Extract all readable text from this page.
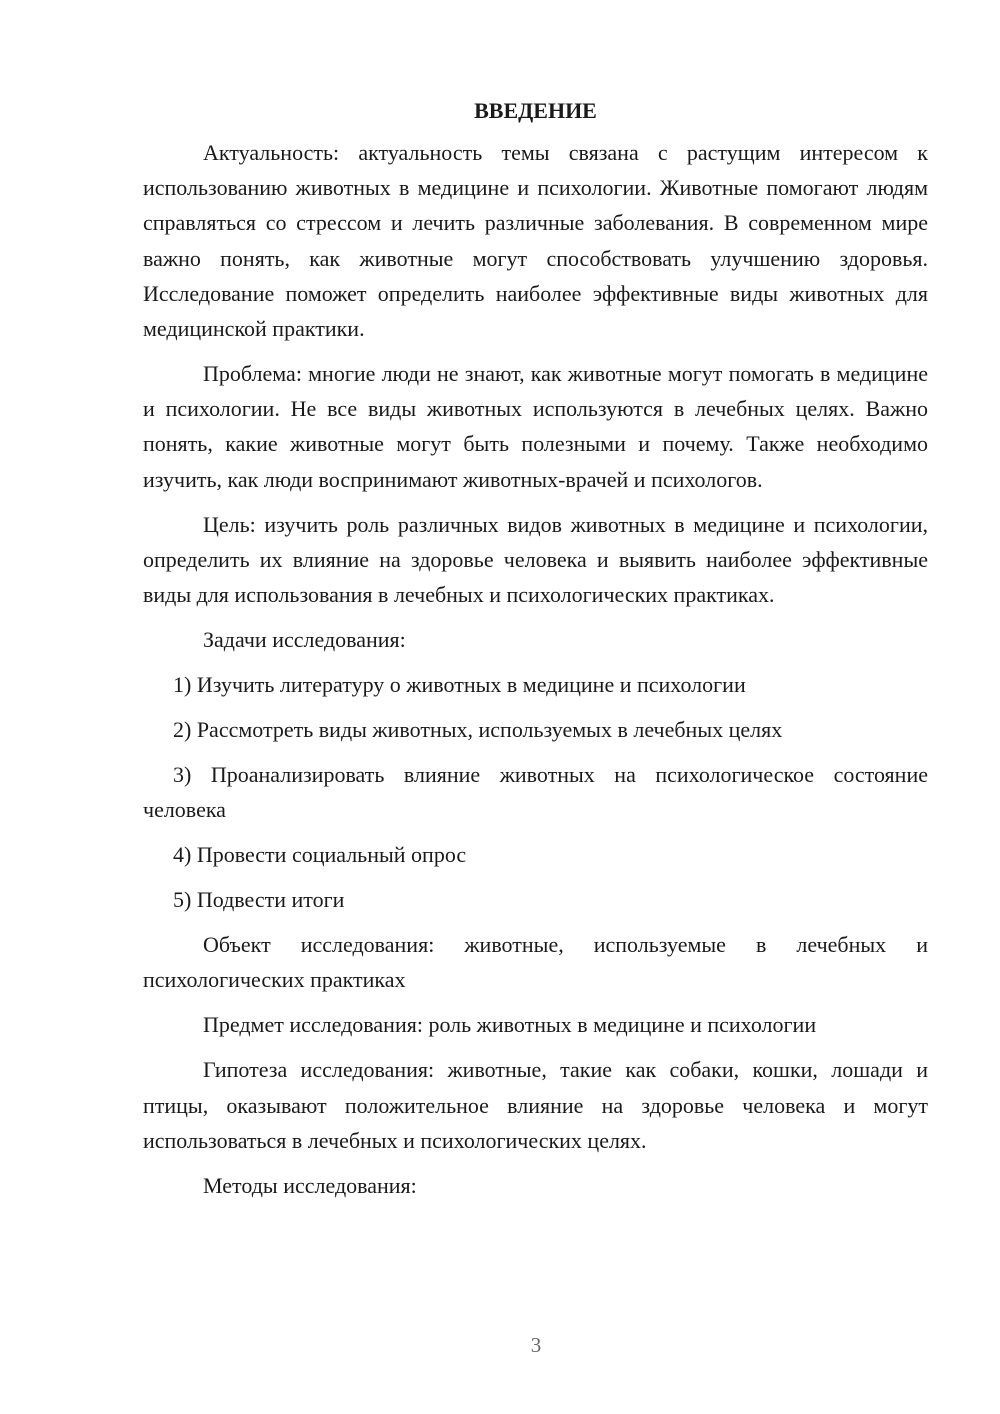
ВВЕДЕНИЕ

Актуальность: актуальность темы связана с растущим интересом к использованию животных в медицине и психологии. Животные помогают людям справляться со стрессом и лечить различные заболевания. В современном мире важно понять, как животные могут способствовать улучшению здоровья. Исследование поможет определить наиболее эффективные виды животных для медицинской практики.

Проблема: многие люди не знают, как животные могут помогать в медицине и психологии. Не все виды животных используются в лечебных целях. Важно понять, какие животные могут быть полезными и почему. Также необходимо изучить, как люди воспринимают животных-врачей и психологов.

Цель: изучить роль различных видов животных в медицине и психологии, определить их влияние на здоровье человека и выявить наиболее эффективные виды для использования в лечебных и психологических практиках.

Задачи исследования:

1) Изучить литературу о животных в медицине и психологии

2) Рассмотреть виды животных, используемых в лечебных целях

3) Проанализировать влияние животных на психологическое состояние человека

4) Провести социальный опрос

5) Подвести итоги

Объект исследования: животные, используемые в лечебных и психологических практиках

Предмет исследования: роль животных в медицине и психологии

Гипотеза исследования: животные, такие как собаки, кошки, лошади и птицы, оказывают положительное влияние на здоровье человека и могут использоваться в лечебных и психологических целях.

Методы исследования:

3
